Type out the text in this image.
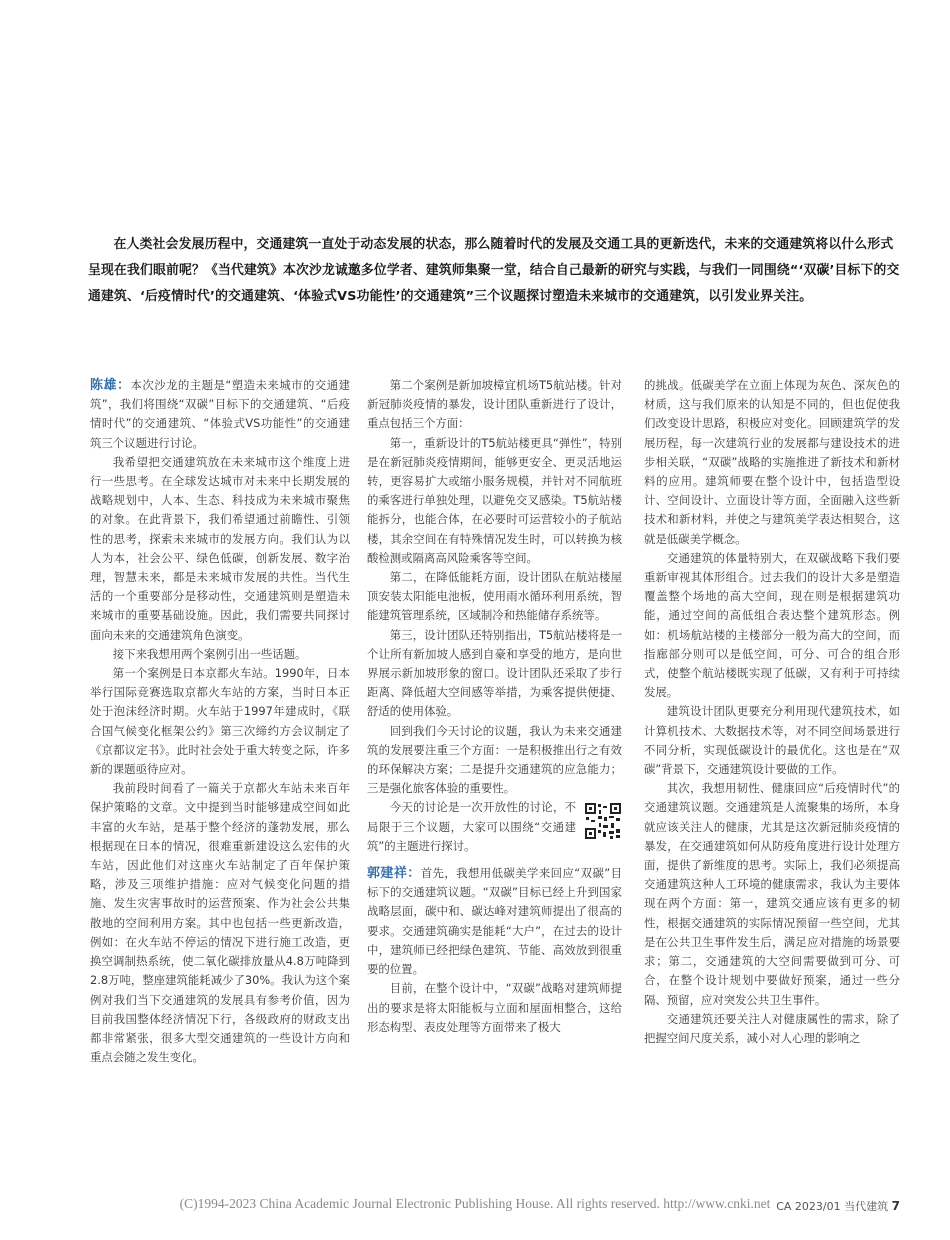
在人类社会发展历程中，交通建筑一直处于动态发展的状态，那么随着时代的发展及交通工具的更新迭代，未来的交通建筑将以什么形式呈现在我们眼前呢？《当代建筑》本次沙龙诚邀多位学者、建筑师集聚一堂，结合自己最新的研究与实践，与我们一同围绕“‘双碳’目标下的交通建筑、‘后疫情时代’的交通建筑、‘体验式VS功能性’的交通建筑”三个议题探讨塑造未来城市的交通建筑，以引发业界关注。

陈雄：本次沙龙的主题是“塑造未来城市的交通建筑”，我们将围绕“双碳”目标下的交通建筑、“后疫情时代”的交通建筑、“体验式VS功能性”的交通建筑三个议题进行讨论。

我希望把交通建筑放在未来城市这个维度上进行一些思考。在全球发达城市对未来中长期发展的战略规划中，人本、生态、科技成为未来城市聚焦的对象。在此背景下，我们希望通过前瞻性、引领性的思考，探索未来城市的发展方向。我们认为以人为本，社会公平、绿色低碳，创新发展、数字治理，智慧未来，都是未来城市发展的共性。当代生活的一个重要部分是移动性，交通建筑则是塑造未来城市的重要基础设施。因此，我们需要共同探讨面向未来的交通建筑角色演变。

接下来我想用两个案例引出一些话题。

第一个案例是日本京都火车站。1990年，日本举行国际竞赛选取京都火车站的方案，当时日本正处于泡沫经济时期。火车站于1997年建成时，《联合国气候变化框架公约》第三次缔约方会议制定了《京都议定书》。此时社会处于重大转变之际，许多新的课题亟待应对。

我前段时间看了一篇关于京都火车站未来百年保护策略的文章。文中提到当时能够建成空间如此丰富的火车站，是基于整个经济的蓬勃发展，那么根据现在日本的情况，很难重新建设这么宏伟的火车站，因此他们对这座火车站制定了百年保护策略，涉及三项维护措施：应对气候变化问题的措施、发生灾害事故时的运营预案、作为社会公共集散地的空间利用方案。其中也包括一些更新改造，例如：在火车站不停运的情况下进行施工改造，更换空调制热系统，使二氧化碳排放量从4.8万吨降到2.8万吨，整座建筑能耗减少了30%。我认为这个案例对我们当下交通建筑的发展具有参考价值，因为目前我国整体经济情况下行，各级政府的财政支出都非常紧张，很多大型交通建筑的一些设计方向和重点会随之发生变化。

第二个案例是新加坡樟宜机场T5航站楼。针对新冠肺炎疫情的暴发，设计团队重新进行了设计，重点包括三个方面：

第一，重新设计的T5航站楼更具“弹性”，特别是在新冠肺炎疫情期间，能够更安全、更灵活地运转，更容易扩大或缩小服务规模，并针对不同航班的乘客进行单独处理，以避免交叉感染。T5航站楼能拆分，也能合体，在必要时可运营较小的子航站楼，其余空间在有特殊情况发生时，可以转换为核酸检测或隔离高风险乘客等空间。

第二，在降低能耗方面，设计团队在航站楼屋顶安装太阳能电池板，使用雨水循环利用系统，智能建筑管理系统，区域制冷和热能储存系统等。

第三，设计团队还特别指出，T5航站楼将是一个让所有新加坡人感到自豪和享受的地方，是向世界展示新加坡形象的窗口。设计团队还采取了步行距离、降低超大空间感等举措，为乘客提供便捷、舒适的使用体验。

回到我们今天讨论的议题，我认为未来交通建筑的发展要注重三个方面：一是积极推出行之有效的环保解决方案；二是提升交通建筑的应急能力；三是强化旅客体验的重要性。

今天的讨论是一次开放性的讨论，不局限于三个议题，大家可以围绕“交通建筑”的主题进行探讨。

郭建祥：首先，我想用低碳美学来回应“双碳”目标下的交通建筑议题。“双碳”目标已经上升到国家战略层面，碳中和、碳达峰对建筑师提出了很高的要求。交通建筑确实是能耗“大户”，在过去的设计中，建筑师已经把绿色建筑、节能、高效放到很重要的位置。

目前，在整个设计中，“双碳”战略对建筑师提出的要求是将太阳能板与立面和屋面相整合，这给形态构型、表皮处理等方面带来了极大

的挑战。低碳美学在立面上体现为灰色、深灰色的材质，这与我们原来的认知是不同的，但也促使我们改变设计思路，积极应对变化。回顾建筑学的发展历程，每一次建筑行业的发展都与建设技术的进步相关联，“双碳”战略的实施推进了新技术和新材料的应用。建筑师要在整个设计中，包括造型设计、空间设计、立面设计等方面，全面融入这些新技术和新材料，并使之与建筑美学表达相契合，这就是低碳美学概念。

交通建筑的体量特别大，在双碳战略下我们要重新审视其体形组合。过去我们的设计大多是塑造覆盖整个场地的高大空间，现在则是根据建筑功能，通过空间的高低组合表达整个建筑形态。例如：机场航站楼的主楼部分一般为高大的空间，而指廊部分则可以是低空间，可分、可合的组合形式，使整个航站楼既实现了低碳，又有利于可持续发展。

建筑设计团队更要充分利用现代建筑技术，如计算机技术、大数据技术等，对不同空间场景进行不同分析，实现低碳设计的最优化。这也是在“双碳”背景下，交通建筑设计要做的工作。

其次，我想用韧性、健康回应“后疫情时代”的交通建筑议题。交通建筑是人流聚集的场所，本身就应该关注人的健康，尤其是这次新冠肺炎疫情的暴发，在交通建筑如何从防疫角度进行设计处理方面，提供了新维度的思考。实际上，我们必须提高交通建筑这种人工环境的健康需求，我认为主要体现在两个方面：第一，建筑交通应该有更多的韧性，根据交通建筑的实际情况预留一些空间，尤其是在公共卫生事件发生后，满足应对措施的场景要求；第二，交通建筑的大空间需要做到可分、可合，在整个设计规划中要做好预案，通过一些分隔、预留，应对突发公共卫生事件。

交通建筑还要关注人对健康属性的需求，除了把握空间尺度关系，减小对人心理的影响之

(C)1994-2023 China Academic Journal Electronic Publishing House. All rights reserved. http://www.cnki.net CA 2023/01 当代建筑 7
